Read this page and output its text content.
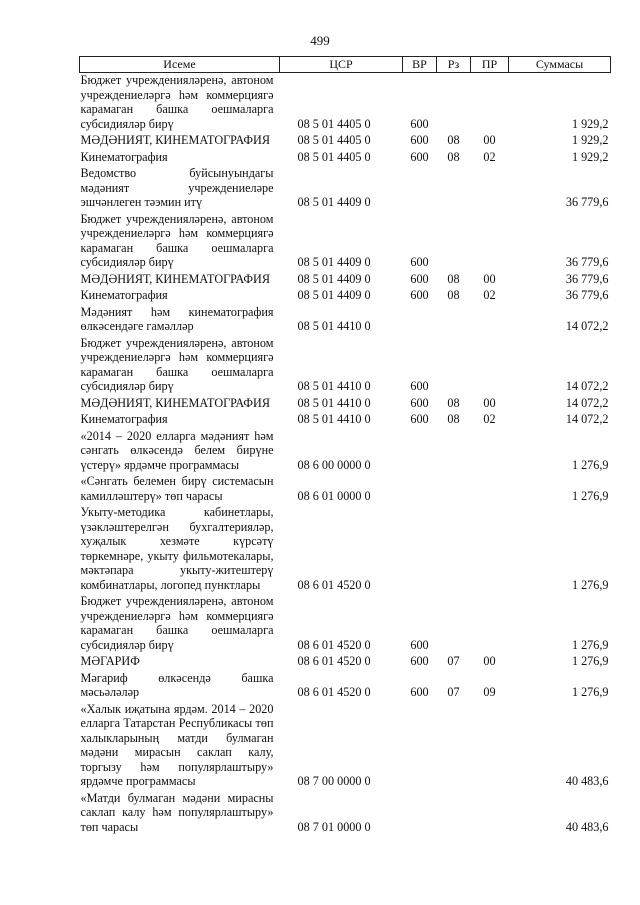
499
Исеме	ЦСР	ВР	Рз	ПР	Суммасы
Бюджет учрежденияләренә, автоном учреждениеләргә һәм коммерциягә карамаган башка оешмаларга субсидияләр бирү	08 5 01 4405 0	600			1 929,2
МӘДӘНИЯТ, КИНЕМАТОГРАФИЯ	08 5 01 4405 0	600	08	00	1 929,2
Кинематография	08 5 01 4405 0	600	08	02	1 929,2
Ведомство буйсынуындагы мәдәният учреждениеләре эшчәнлеген тәэмин итү	08 5 01 4409 0				36 779,6
Бюджет учрежденияләренә, автоном учреждениеләргә һәм коммерциягә карамаган башка оешмаларга субсидияләр бирү	08 5 01 4409 0	600			36 779,6
МӘДӘНИЯТ, КИНЕМАТОГРАФИЯ	08 5 01 4409 0	600	08	00	36 779,6
Кинематография	08 5 01 4409 0	600	08	02	36 779,6
Мәдәният һәм кинематография өлкәсендәге гамәлләр	08 5 01 4410 0				14 072,2
Бюджет учрежденияләренә, автоном учреждениеләргә һәм коммерциягә карамаган башка оешмаларга субсидияләр бирү	08 5 01 4410 0	600			14 072,2
МӘДӘНИЯТ, КИНЕМАТОГРАФИЯ	08 5 01 4410 0	600	08	00	14 072,2
Кинематография	08 5 01 4410 0	600	08	02	14 072,2
«2014 – 2020 елларга мәдәният һәм сәнгать өлкәсендә белем бирүне үстерү» ярдәмче программасы	08 6 00 0000 0				1 276,9
«Сәнгать белемен бирү системасын камилләштерү» төп чарасы	08 6 01 0000 0				1 276,9
Укыту-методика кабинетлары, үзәкләштерелгән бухгалтерияләр, хуҗалык хезмәте күрсәтү төркемнәре, укыту фильмотекалары, мәктәпара укыту-житештерү комбинатлары, логопед пунктлары	08 6 01 4520 0				1 276,9
Бюджет учрежденияләренә, автоном учреждениеләргә һәм коммерциягә карамаган башка оешмаларга субсидияләр бирү	08 6 01 4520 0	600			1 276,9
МӘГАРИФ	08 6 01 4520 0	600	07	00	1 276,9
Мәгариф өлкәсендә башка мәсьәләләр	08 6 01 4520 0	600	07	09	1 276,9
«Халык иҗатына ярдәм. 2014 – 2020 елларга Татарстан Республикасы төп халыкларының матди булмаган мәдәни мирасын саклап калу, торгызу һәм популярлаштыру» ярдәмче программасы	08 7 00 0000 0				40 483,6
«Матди булмаган мәдәни мирасны саклап калу һәм популярлаштыру» төп чарасы	08 7 01 0000 0				40 483,6
